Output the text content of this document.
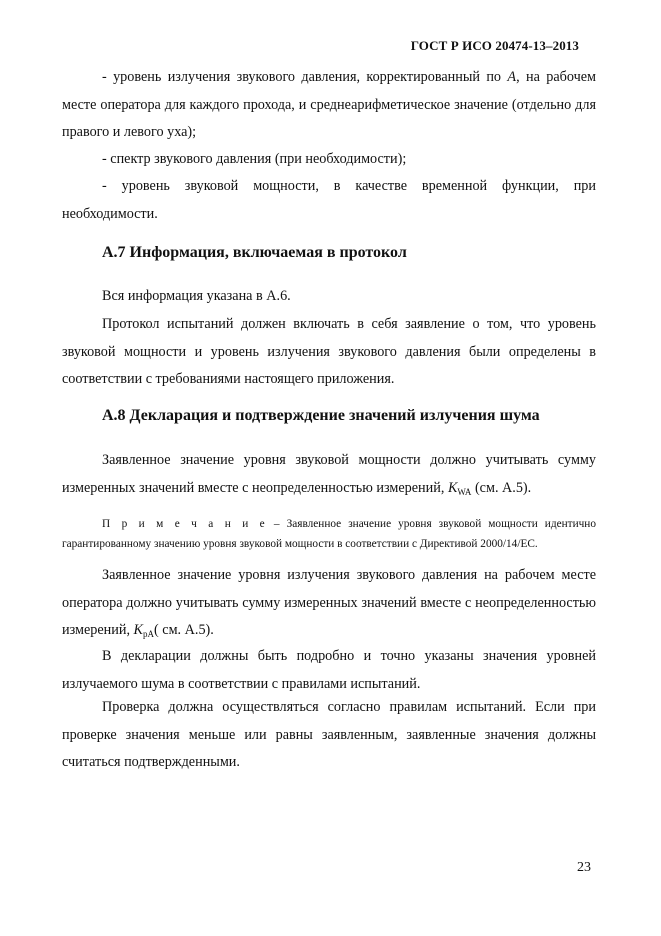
ГОСТ Р ИСО 20474-13–2013
- уровень излучения звукового давления, корректированный по A, на рабочем месте оператора для каждого прохода, и среднеарифметическое значение (отдельно для правого и левого уха);
- спектр звукового давления (при необходимости);
- уровень звуковой мощности, в качестве временной функции, при необходимости.
А.7 Информация, включаемая в протокол
Вся информация указана в А.6.
Протокол испытаний должен включать в себя заявление о том, что уровень звуковой мощности и уровень излучения звукового давления были определены в соответствии с требованиями настоящего приложения.
А.8 Декларация и подтверждение значений излучения шума
Заявленное значение уровня звуковой мощности должно учитывать сумму измеренных значений вместе с неопределенностью измерений, $K_{WA}$ (см. А.5).
П р и м е ч а н и е – Заявленное значение уровня звуковой мощности идентично гарантированному значению уровня звуковой мощности в соответствии с Директивой 2000/14/ЕС.
Заявленное значение уровня излучения звукового давления на рабочем месте оператора должно учитывать сумму измеренных значений вместе с неопределенностью измерений, $K_{pA}$( см. А.5).
В декларации должны быть подробно и точно указаны значения уровней излучаемого шума в соответствии с правилами испытаний.
Проверка должна осуществляться согласно правилам испытаний. Если при проверке значения меньше или равны заявленным, заявленные значения должны считаться подтвержденными.
23
